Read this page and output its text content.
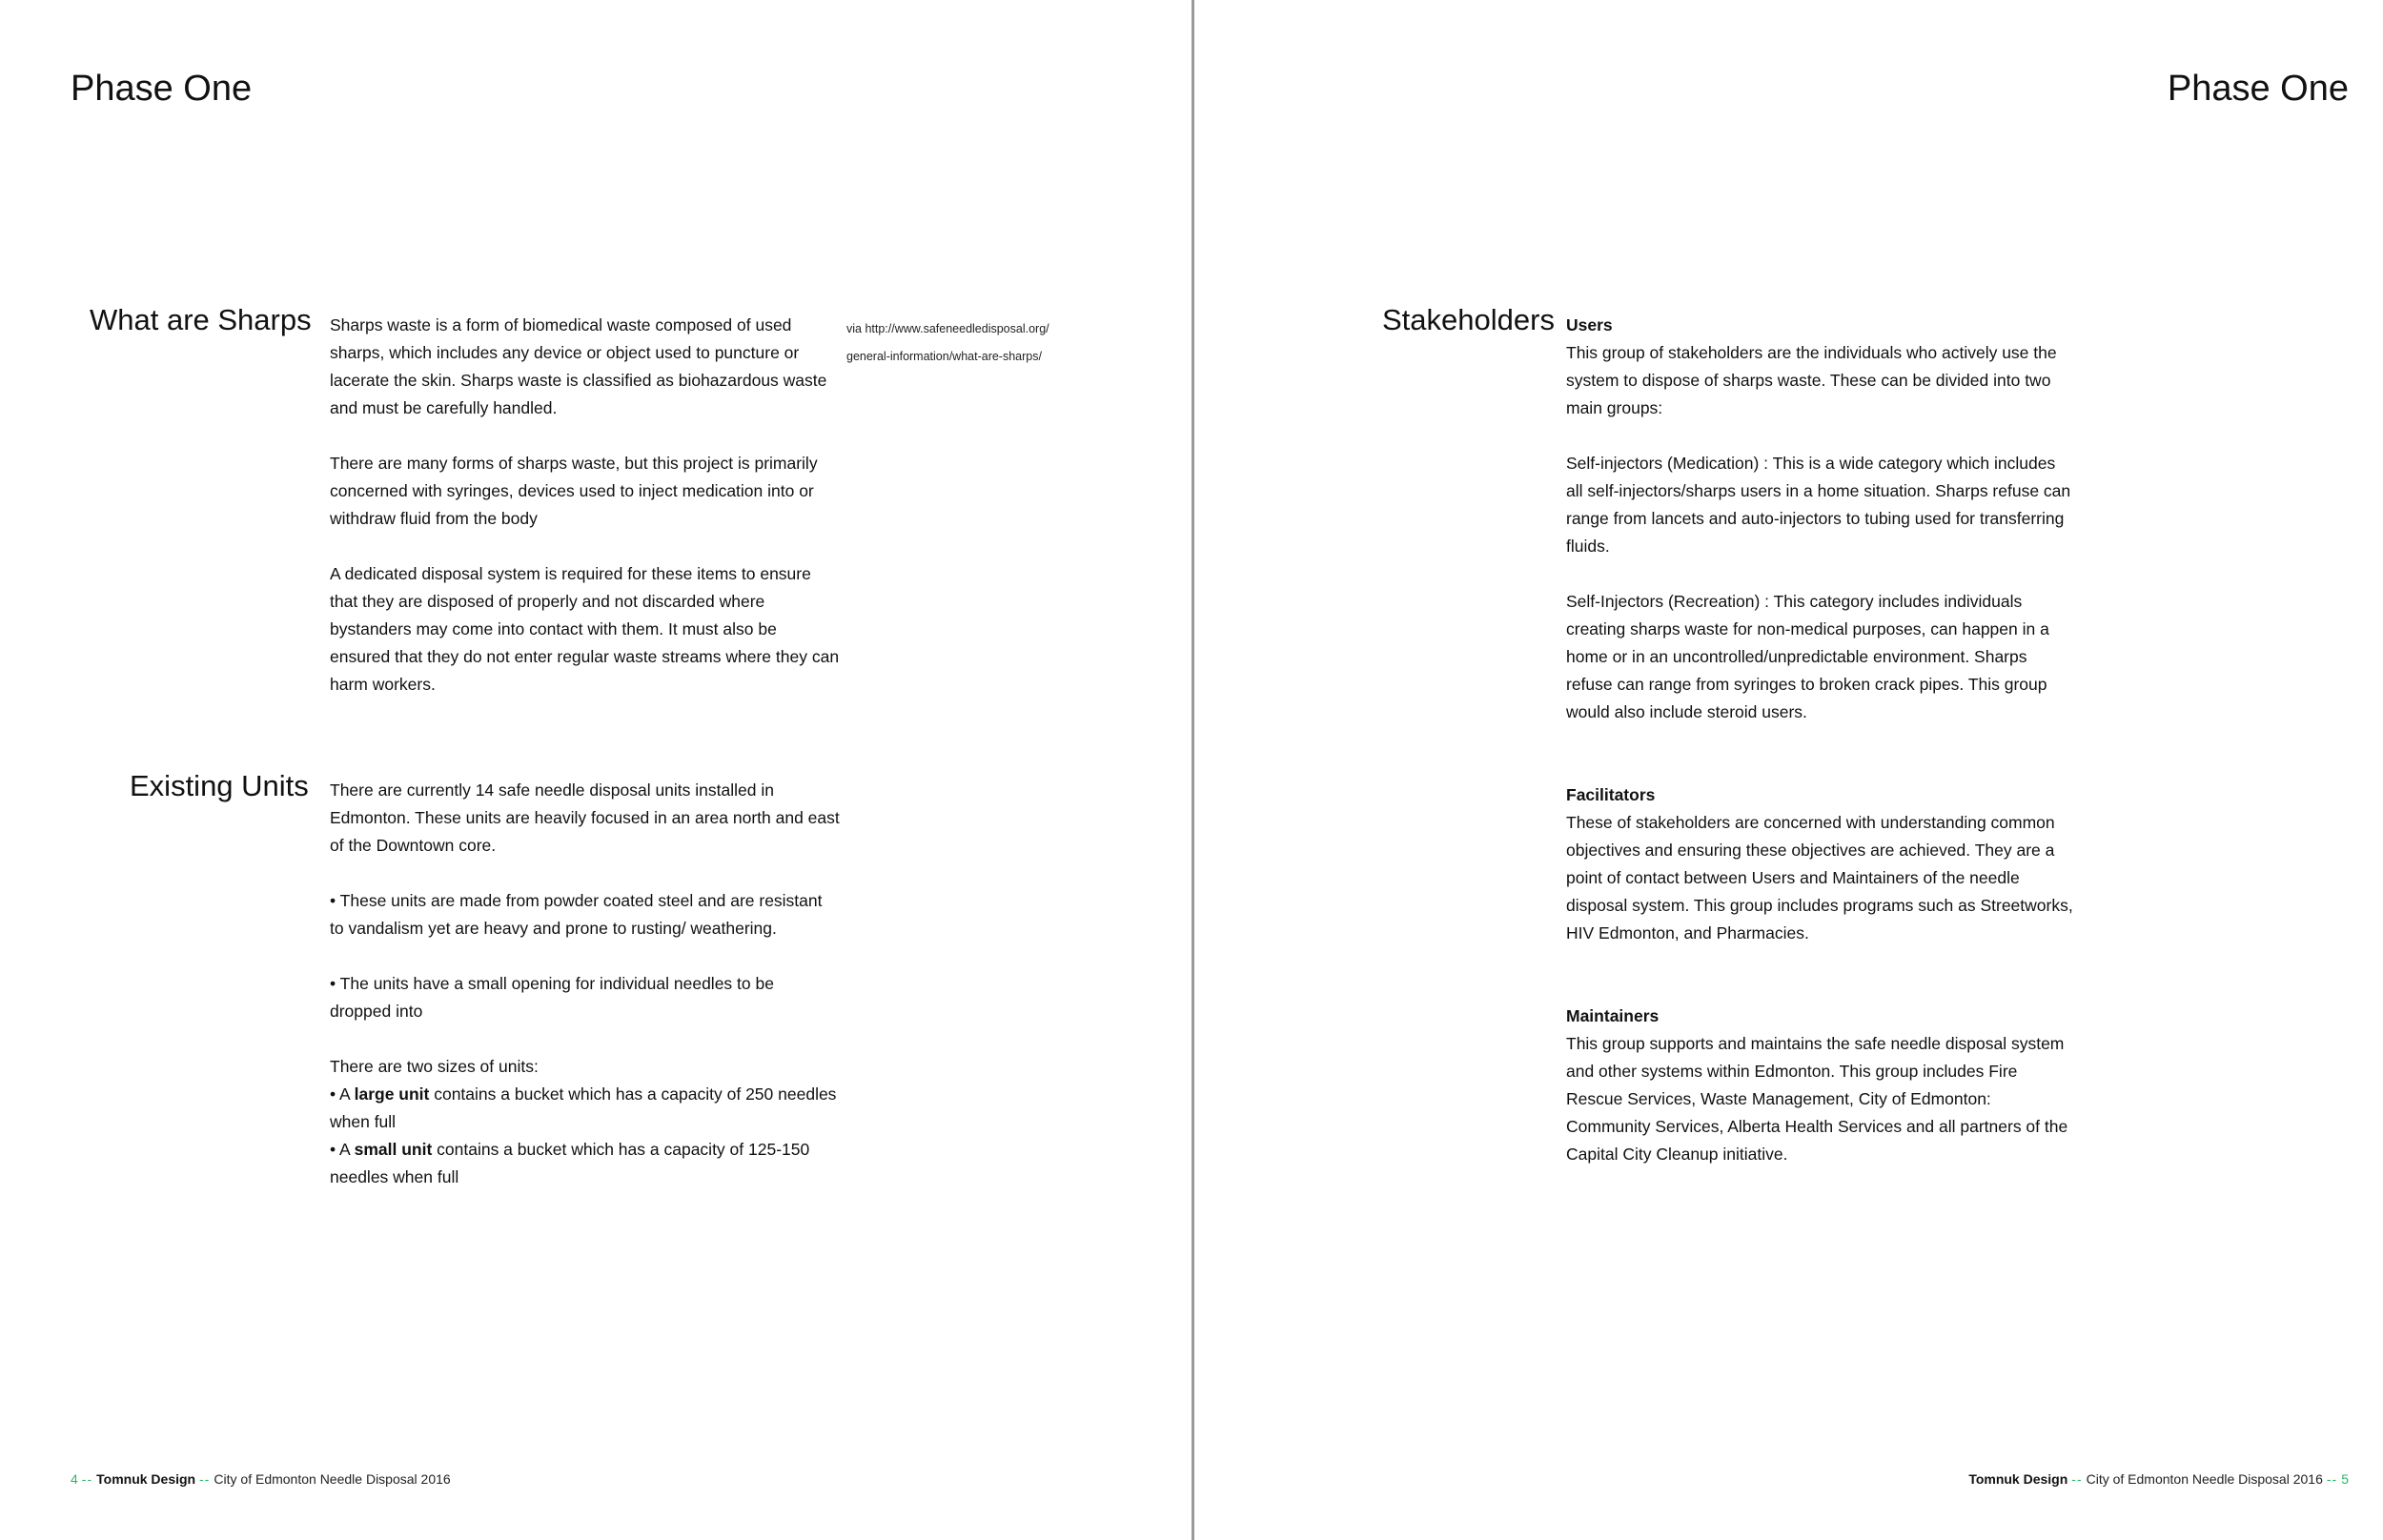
Phase One
What are Sharps Sharps waste is a form of biomedical waste composed of used sharps, which includes any device or object used to puncture or lacerate the skin. Sharps waste is classified as biohazardous waste and must be carefully handled.

There are many forms of sharps waste, but this project is primarily concerned with syringes, devices used to inject medication into or withdraw fluid from the body

A dedicated disposal system is required for these items to ensure that they are disposed of properly and not discarded where bystanders may come into contact with them. It must also be ensured that they do not enter regular waste streams where they can harm workers.

via http://www.safeneedledisposal.org/
general-information/what-are-sharps/
Existing Units There are currently 14 safe needle disposal units installed in Edmonton. These units are heavily focused in an area north and east of the Downtown core.

• These units are made from powder coated steel and are resistant to vandalism yet are heavy and prone to rusting/ weathering.

• The units have a small opening for individual needles to be dropped into

There are two sizes of units:
• A large unit contains a bucket which has a capacity of 250 needles when full
• A small unit contains a bucket which has a capacity of 125-150 needles when full
4 -- Tomnuk Design -- City of Edmonton Needle Disposal 2016
Phase One
Stakeholders Users

This group of stakeholders are the individuals who actively use the system to dispose of sharps waste. These can be divided into two main groups:

Self-injectors (Medication) : This is a wide category which includes all self-injectors/sharps users in a home situation. Sharps refuse can range from lancets and auto-injectors to tubing used for transferring fluids.

Self-Injectors (Recreation) : This category includes individuals creating sharps waste for non-medical purposes, can happen in a home or in an uncontrolled/unpredictable environment. Sharps refuse can range from syringes to broken crack pipes. This group would also include steroid users.

Facilitators

These of stakeholders are concerned with understanding common objectives and ensuring these objectives are achieved. They are a point of contact between Users and Maintainers of the needle disposal system. This group includes programs such as Streetworks, HIV Edmonton, and Pharmacies.

Maintainers

This group supports and maintains the safe needle disposal system and other systems within Edmonton. This group includes Fire Rescue Services, Waste Management, City of Edmonton: Community Services, Alberta Health Services and all partners of the Capital City Cleanup initiative.

Tomnuk Design -- City of Edmonton Needle Disposal 2016 -- 5
